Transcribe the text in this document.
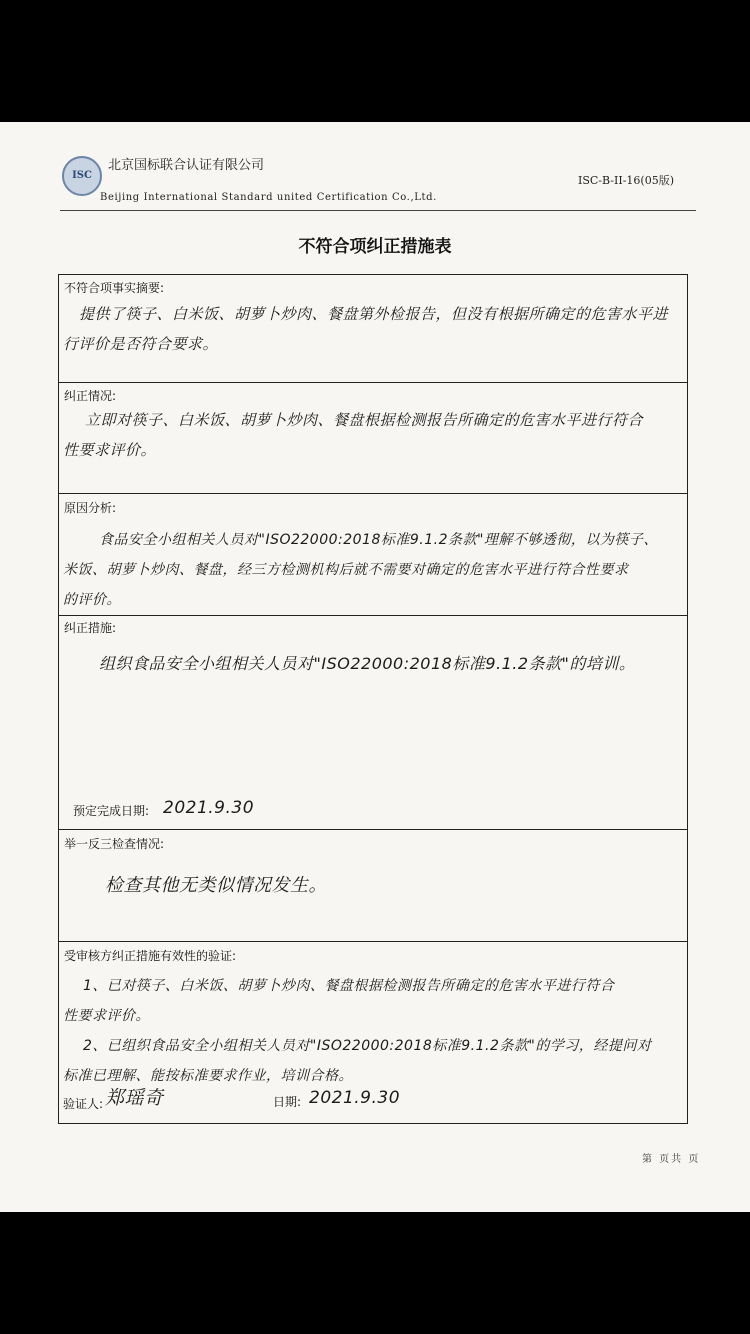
ISC
北京国标联合认证有限公司
Beijing International Standard united Certification Co.,Ltd.
ISC-B-II-16(05版)
不符合项纠正措施表
不符合项事实摘要:
提供了筷子、白米饭、胡萝卜炒肉、餐盘第外检报告，但没有根据所确定的危害水平进
行评价是否符合要求。
纠正情况:
立即对筷子、白米饭、胡萝卜炒肉、餐盘根据检测报告所确定的危害水平进行符合
性要求评价。
原因分析:
食品安全小组相关人员对"ISO22000:2018标准9.1.2条款"理解不够透彻，以为筷子、
米饭、胡萝卜炒肉、餐盘，经三方检测机构后就不需要对确定的危害水平进行符合性要求
的评价。
纠正措施:
组织食品安全小组相关人员对"ISO22000:2018标准9.1.2条款"的培训。
预定完成日期: 2021.9.30
举一反三检查情况:
检查其他无类似情况发生。
受审核方纠正措施有效性的验证:
1、已对筷子、白米饭、胡萝卜炒肉、餐盘根据检测报告所确定的危害水平进行符合
性要求评价。
2、已组织食品安全小组相关人员对"ISO22000:2018标准9.1.2条款"的学习，经提问对
标准已理解、能按标准要求作业，培训合格。
验证人: 郑瑶奇	日期: 2021.9.30
第 页共 页
